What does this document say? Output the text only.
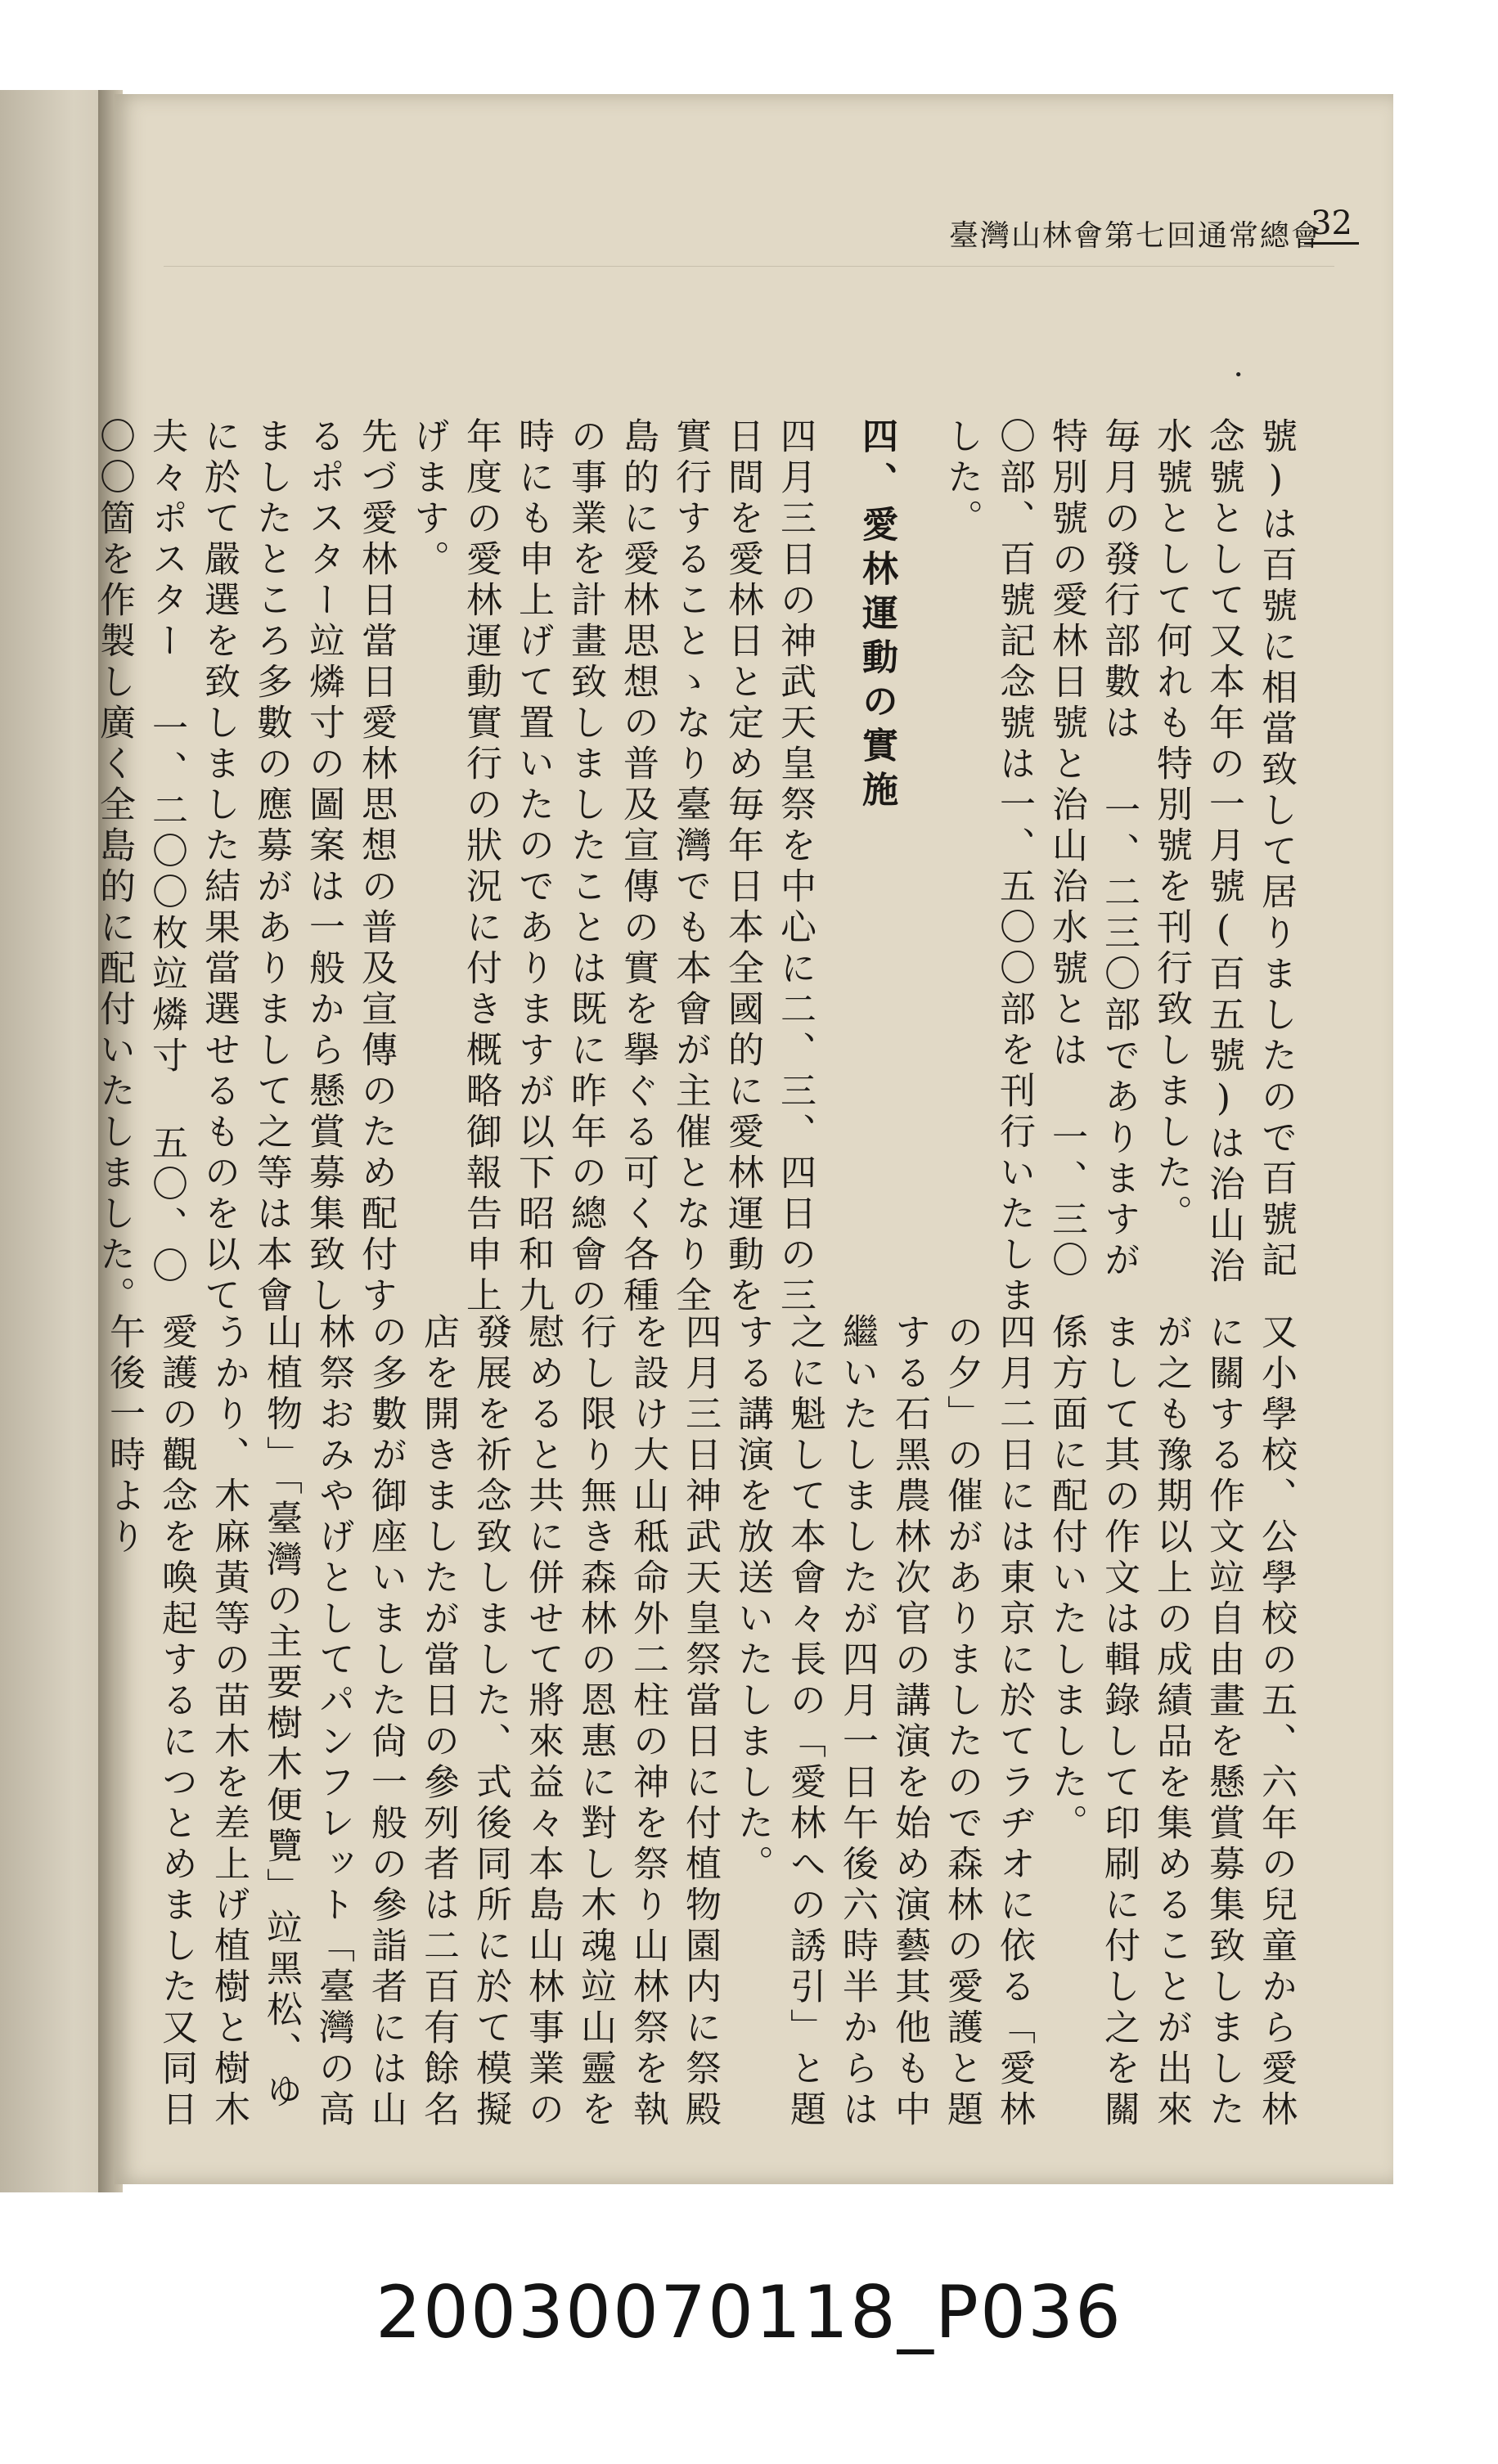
臺灣山林會第七回通常總會
32
•

號)は百號に相當致して居りましたので百號記念號として又本年の一月號(百五號)は治山治水號として何れも特別號を刊行致しました。

毎月の發行部數は 一、二三〇部でありますが特別號の愛林日號と治山治水號とは 一、三〇〇部、百號記念號は一、五〇〇部を刊行いたしました。

四、愛林運動の實施

四月三日の神武天皇祭を中心に二、三、四日の三日間を愛林日と定め毎年日本全國的に愛林運動を實行することゝなり臺灣でも本會が主催となり全島的に愛林思想の普及宣傳の實を擧ぐる可く各種の事業を計畫致しましたことは既に昨年の總會の時にも申上げて置いたのでありますが以下昭和九年度の愛林運動實行の狀況に付き概略御報告申上げます。

先づ愛林日當日愛林思想の普及宣傳のため配付するポスター竝燐寸の圖案は一般から懸賞募集致しましたところ多數の應募がありまして之等は本會に於て嚴選を致しました結果當選せるものを以て夫々ポスター 一、二〇〇枚竝燐寸 五〇、〇〇〇箇を作製し廣く全島的に配付いたしました。

又小學校、公學校の五、六年の兒童から愛林に關する作文竝自由畫を懸賞募集致しましたが之も豫期以上の成績品を集めることが出來まして其の作文は輯錄して印刷に付し之を關係方面に配付いたしました。

四月二日には東京に於てラヂオに依る「愛林の夕」の催がありましたので森林の愛護と題する石黑農林次官の講演を始め演藝其他も中繼いたしましたが四月一日午後六時半からは之に魁して本會々長の「愛林への誘引」と題する講演を放送いたしました。

四月三日神武天皇祭當日に付植物園内に祭殿を設け大山秪命外二柱の神を祭り山林祭を執行し限り無き森林の恩惠に對し木魂竝山靈を慰めると共に併せて將來益々本島山林事業の發展を祈念致しました、式後同所に於て模擬店を開きましたが當日の參列者は二百有餘名の多數が御座いました尙一般の參詣者には山林祭おみやげとしてパンフレット「臺灣の高山植物」「臺灣の主要樹木便覽」竝黑松、ゆうかり、木麻黃等の苗木を差上げ植樹と樹木愛護の觀念を喚起するにつとめました又同日午後一時より

20030070118_P036
